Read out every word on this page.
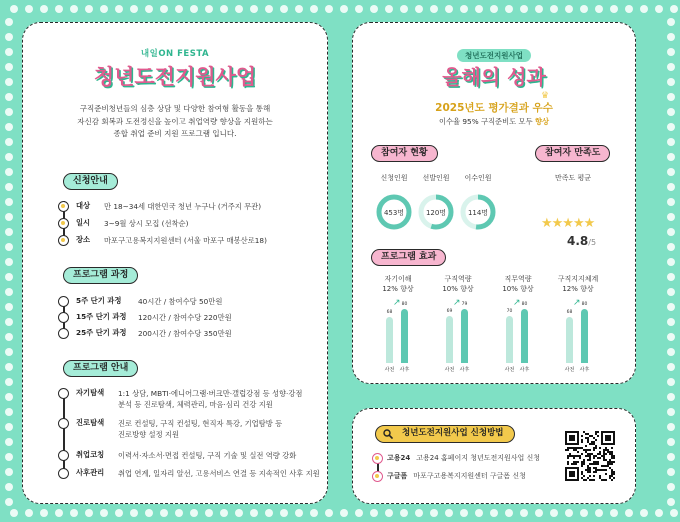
내일ON FESTA
청년도전지원사업
구직준비청년들의 심층 상담 및 다양한 참여형 활동을 통해
자신감 회복과 도전정신을 높이고 취업역량 향상을 지원하는
종합 취업 준비 지원 프로그램 입니다.
신청안내
대상 만 18~34세 대한민국 청년 누구나 (거주지 무관)
일시 3~9월 상시 모집 (선착순)
장소 마포구고용복지지원센터 (서울 마포구 매봉산로18)
프로그램 과정
5주 단기 과정 40시간 / 참여수당 50만원
15주 단기 과정 120시간 / 참여수당 220만원
25주 단기 과정 200시간 / 참여수당 350만원
프로그램 안내
자기탐색 1:1 상담, MBTI·에니어그램·버크만·갤럽강점 등 성향·강점
분석 등 진로탐색, 체력관리, 마음·심리 건강 지원
진로탐색 진로 컨설팅, 구직 컨설팅, 현직자 특강, 기업탐방 등
진로방향 설정 지원
취업코칭 이력서·자소서·면접 컨설팅, 구직 기술 및 실전 역량 강화
사후관리 취업 연계, 일자리 알선, 고용서비스 연결 등 지속적인 사후 지원
청년도전지원사업
올해의 성과
♛
2025년도 평가결과 우수
이수율 95% 구직준비도 모두 향상
참여자 현황	참여자 만족도
신청인원
453명
선발인원
120명
이수인원
114명
만족도 평균
★★★★★
4.8/5
프로그램 효과
자기이해
12% 향상
68
사전
80
사후
↗
구직역량
10% 향상
69
사전
79
사후
↗
직무역량
10% 향상
70
사전
80
사후
↗
구직지지체계
12% 향상
68
사전
80
사후
↗
청년도전지원사업 신청방법
고용24 고용24 홈페이지 청년도전지원사업 신청
구글폼 마포구고용복지지원센터 구글폼 신청
